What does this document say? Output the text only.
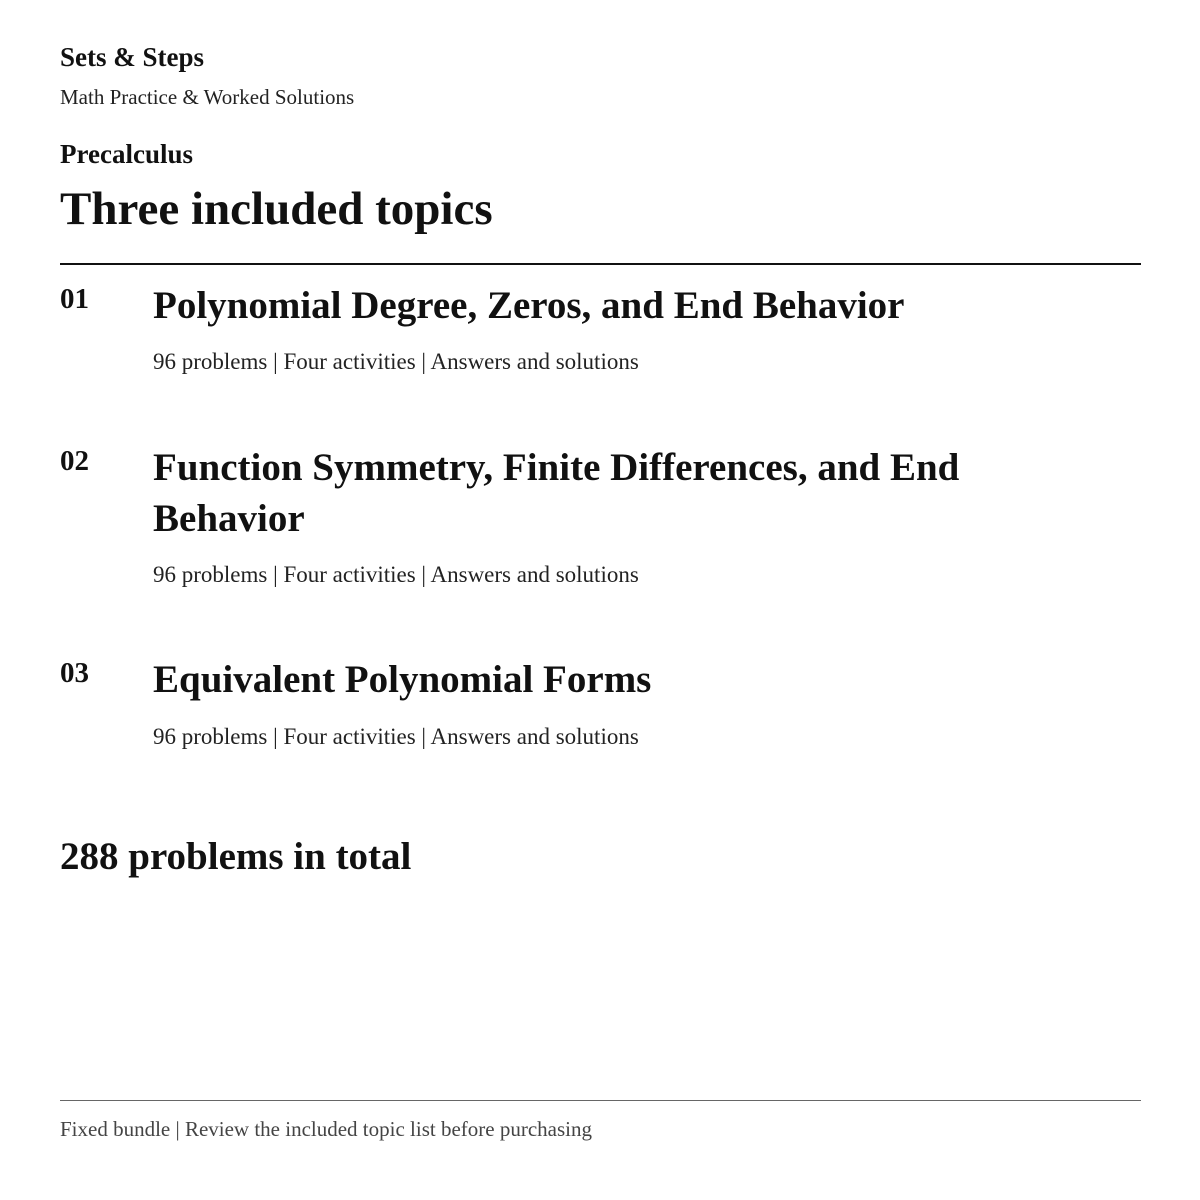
Sets & Steps
Math Practice & Worked Solutions
Precalculus
Three included topics
01 Polynomial Degree, Zeros, and End Behavior
96 problems | Four activities | Answers and solutions
02 Function Symmetry, Finite Differences, and End Behavior
96 problems | Four activities | Answers and solutions
03 Equivalent Polynomial Forms
96 problems | Four activities | Answers and solutions
288 problems in total
Fixed bundle | Review the included topic list before purchasing
